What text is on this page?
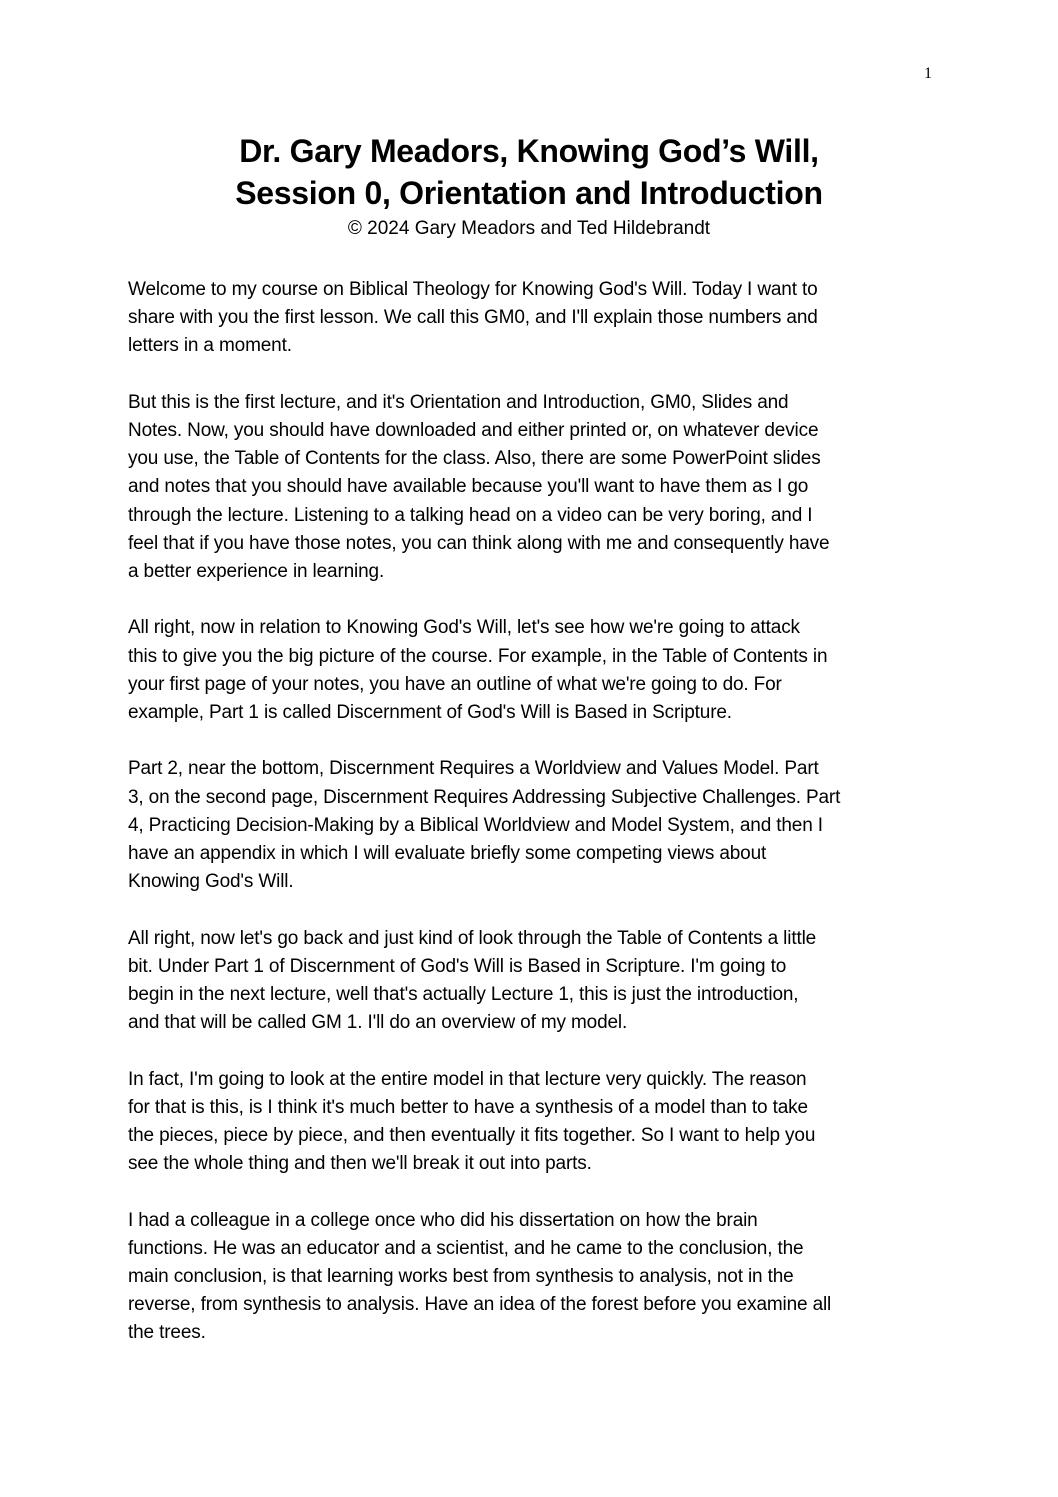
1
Dr. Gary Meadors, Knowing God’s Will,
Session 0, Orientation and Introduction
© 2024 Gary Meadors and Ted Hildebrandt

Welcome to my course on Biblical Theology for Knowing God's Will. Today I want to
share with you the first lesson. We call this GM0, and I'll explain those numbers and
letters in a moment.

But this is the first lecture, and it's Orientation and Introduction, GM0, Slides and
Notes. Now, you should have downloaded and either printed or, on whatever device
you use, the Table of Contents for the class. Also, there are some PowerPoint slides
and notes that you should have available because you'll want to have them as I go
through the lecture. Listening to a talking head on a video can be very boring, and I
feel that if you have those notes, you can think along with me and consequently have
a better experience in learning.

All right, now in relation to Knowing God's Will, let's see how we're going to attack
this to give you the big picture of the course. For example, in the Table of Contents in
your first page of your notes, you have an outline of what we're going to do. For
example, Part 1 is called Discernment of God's Will is Based in Scripture.

Part 2, near the bottom, Discernment Requires a Worldview and Values Model. Part
3, on the second page, Discernment Requires Addressing Subjective Challenges. Part
4, Practicing Decision-Making by a Biblical Worldview and Model System, and then I
have an appendix in which I will evaluate briefly some competing views about
Knowing God's Will.

All right, now let's go back and just kind of look through the Table of Contents a little
bit. Under Part 1 of Discernment of God's Will is Based in Scripture. I'm going to
begin in the next lecture, well that's actually Lecture 1, this is just the introduction,
and that will be called GM 1. I'll do an overview of my model.

In fact, I'm going to look at the entire model in that lecture very quickly. The reason
for that is this, is I think it's much better to have a synthesis of a model than to take
the pieces, piece by piece, and then eventually it fits together. So I want to help you
see the whole thing and then we'll break it out into parts.

I had a colleague in a college once who did his dissertation on how the brain
functions. He was an educator and a scientist, and he came to the conclusion, the
main conclusion, is that learning works best from synthesis to analysis, not in the
reverse, from synthesis to analysis. Have an idea of the forest before you examine all
the trees.
